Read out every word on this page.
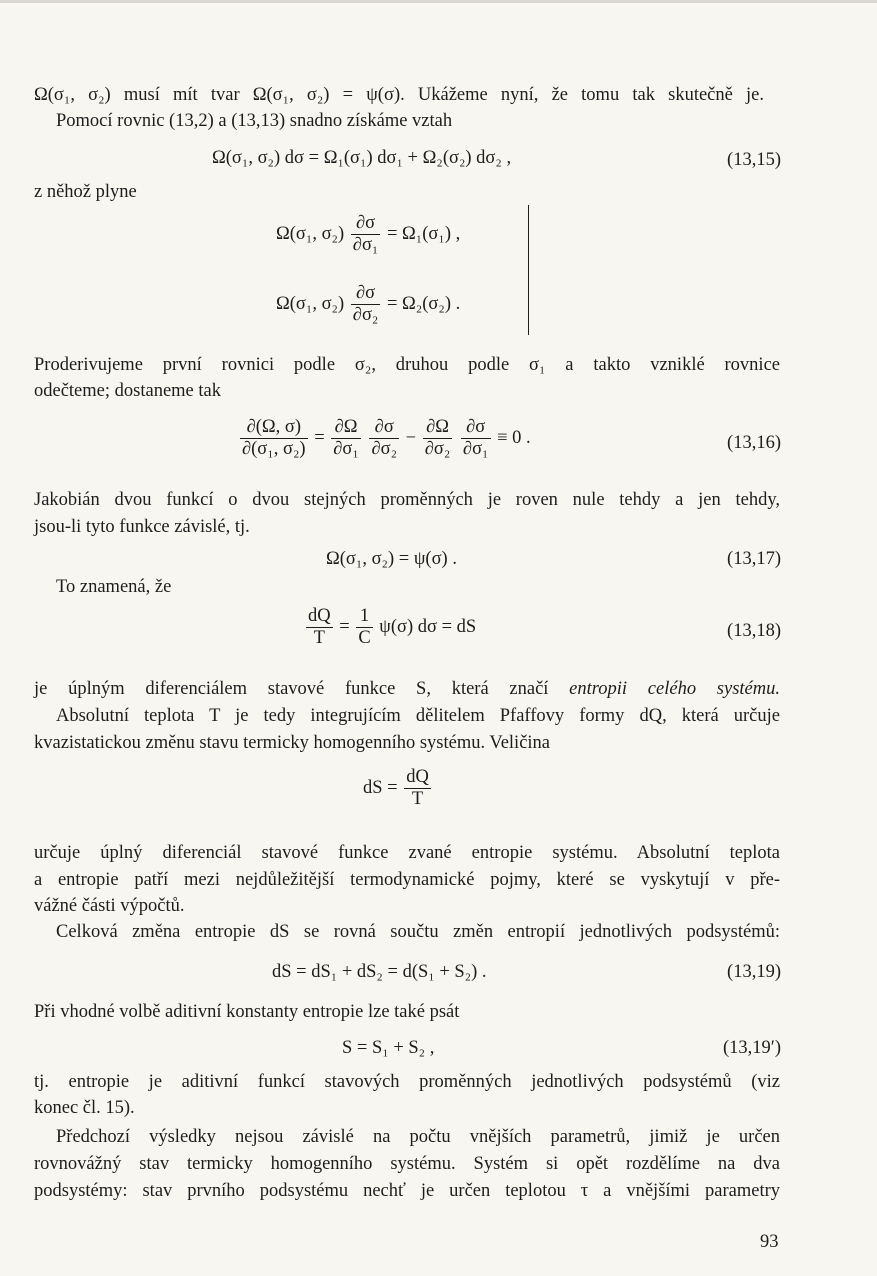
Ω(σ₁, σ₂) musí mít tvar Ω(σ₁, σ₂) = ψ(σ). Ukážeme nyní, že tomu tak skutečně je.
Pomocí rovnic (13,2) a (13,13) snadno získáme vztah
Ω(σ₁, σ₂) dσ = Ω₁(σ₁) dσ₁ + Ω₂(σ₂) dσ₂ ,	(13,15)
z něhož plyne
Ω(σ₁, $\sigma_2) \frac{\partial\sigma}{\text{∂σ₁}} = \Omega_1(\sigma_1)$ ,
Ω(σ₁, $\sigma_2) \frac{\partial\sigma}{\text{∂σ₂}} = \Omega_2(\sigma_2)$ .
Proderivujeme první rovnici podle σ₂, druhou podle σ₁ a takto vzniklé rovnice
odečteme; dostaneme tak
$\frac{\partial(\Omega, \sigma)}{\text{∂(σ₁, σ₂)}} = \frac{\partial\Omega}{\text{∂σ₁}}$
$\frac{\partial\sigma}{\text{∂σ₂}} - \frac{\partial\Omega}{\text{∂σ₂}}$
$\frac{\partial\sigma}{\text{∂σ₁}} \equiv 0$ .	(13,16)
Jakobián dvou funkcí o dvou stejných proměnných je roven nule tehdy a jen tehdy,
jsou-li tyto funkce závislé, tj.
Ω(σ₁, σ₂) = ψ(σ) .	(13,17)
To znamená, že
$\frac{dQ}{T} = \frac{1}{C} \psi(\sigma) d\sigma$ = dS	(13,18)
je úplným diferenciálem stavové funkce S, která značí entropii celého systému.
Absolutní teplota T je tedy integrujícím dělitelem Pfaffovy formy dQ, která určuje
kvazistatickou změnu stavu termicky homogenního systému. Veličina
dS = $\frac{dQ}{T}$
určuje úplný diferenciál stavové funkce zvané entropie systému. Absolutní teplota
a entropie patří mezi nejdůležitější termodynamické pojmy, které se vyskytují v pře-
vážné části výpočtů.
Celková změna entropie dS se rovná součtu změn entropií jednotlivých podsystémů:
dS = dS₁ + dS₂ = d(S₁ + S₂) .	(13,19)
Při vhodné volbě aditivní konstanty entropie lze také psát
S = S₁ + S₂ ,	(13,19′)
tj. entropie je aditivní funkcí stavových proměnných jednotlivých podsystémů (viz
konec čl. 15).
Předchozí výsledky nejsou závislé na počtu vnějších parametrů, jimiž je určen
rovnovážný stav termicky homogenního systému. Systém si opět rozdělíme na dva
podsystémy: stav prvního podsystému nechť je určen teplotou τ a vnějšími parametry
93
